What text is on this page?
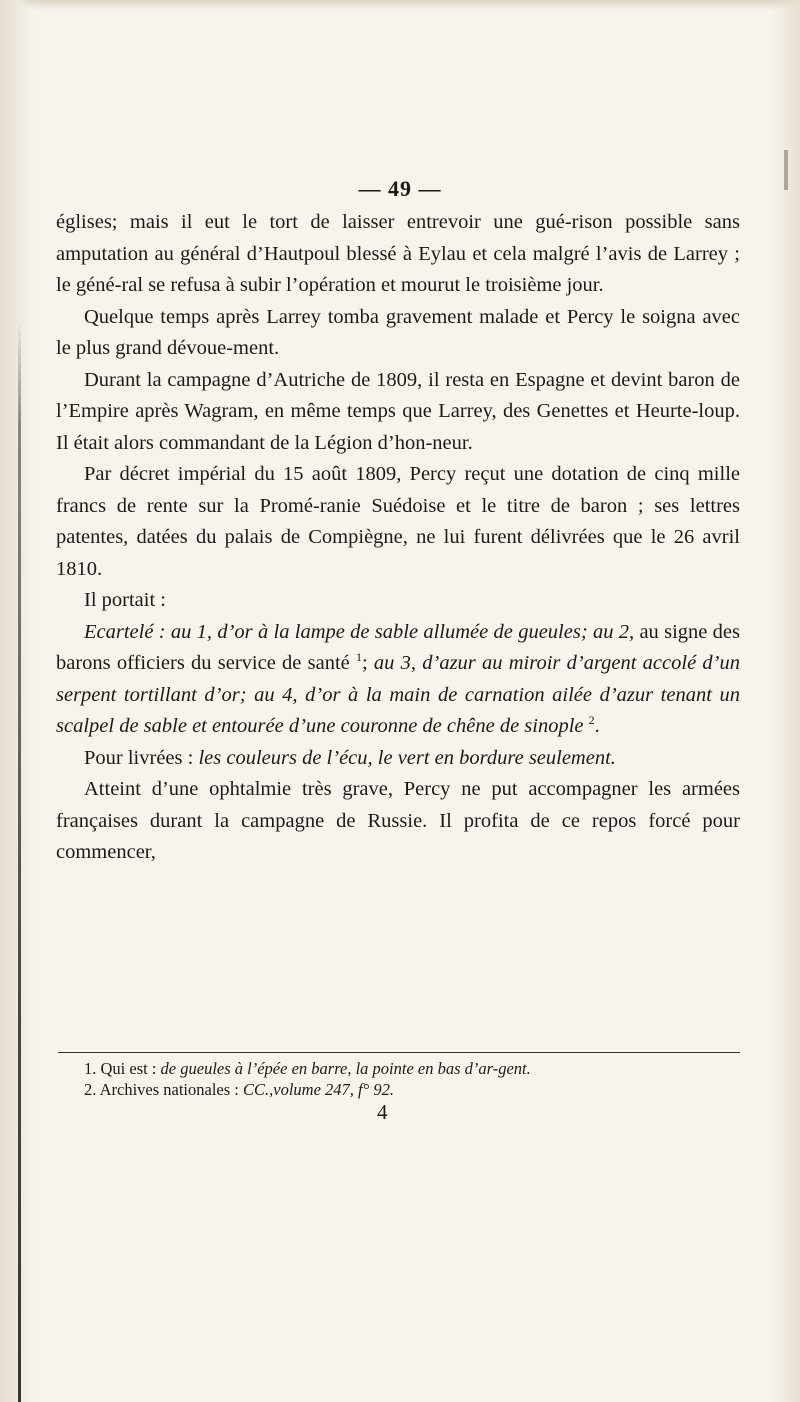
— 49 —

églises; mais il eut le tort de laisser entrevoir une gué-rison possible sans amputation au général d’Hautpoul blessé à Eylau et cela malgré l’avis de Larrey ; le géné-ral se refusa à subir l’opération et mourut le troisième jour.

Quelque temps après Larrey tomba gravement malade et Percy le soigna avec le plus grand dévoue-ment.

Durant la campagne d’Autriche de 1809, il resta en Espagne et devint baron de l’Empire après Wagram, en même temps que Larrey, des Genettes et Heurte-loup. Il était alors commandant de la Légion d’hon-neur.

Par décret impérial du 15 août 1809, Percy reçut une dotation de cinq mille francs de rente sur la Promé-ranie Suédoise et le titre de baron ; ses lettres patentes, datées du palais de Compiègne, ne lui furent délivrées que le 26 avril 1810.

Il portait :

Ecartelé : au 1, d’or à la lampe de sable allumée de gueules; au 2, au signe des barons officiers du service de santé $^1$; au 3, d’azur au miroir d’argent accolé d’un serpent tortillant d’or; au 4, d’or à la main de carnation ailée d’azur tenant un scalpel de sable et entourée d’une couronne de chêne de sinople $^2$.

Pour livrées : les couleurs de l’écu, le vert en bordure seulement.

Atteint d’une ophtalmie très grave, Percy ne put accompagner les armées françaises durant la campagne de Russie. Il profita de ce repos forcé pour commencer,

1. Qui est : de gueules à l’épée en barre, la pointe en bas d’ar-gent.

2. Archives nationales : CC.,volume 247, f° 92.

4
